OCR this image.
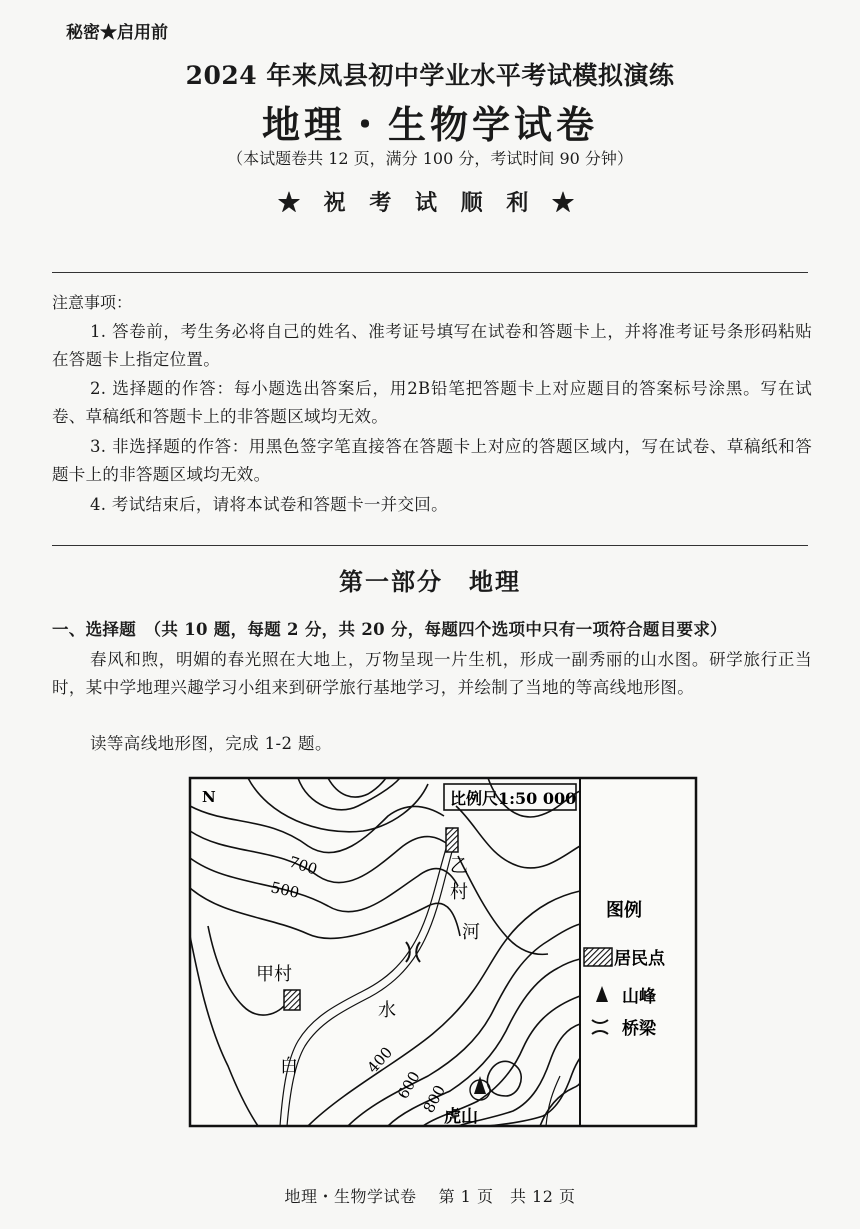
秘密★启用前
2024 年来凤县初中学业水平考试模拟演练
地理・生物学试卷
（本试题卷共 12 页，满分 100 分，考试时间 90 分钟）
★ 祝 考 试 顺 利 ★
注意事项：
1. 答卷前，考生务必将自己的姓名、准考证号填写在试卷和答题卡上，并将准考证号条形码粘贴在答题卡上指定位置。
2. 选择题的作答：每小题选出答案后，用2B铅笔把答题卡上对应题目的答案标号涂黑。写在试卷、草稿纸和答题卡上的非答题区域均无效。
3. 非选择题的作答：用黑色签字笔直接答在答题卡上对应的答题区域内，写在试卷、草稿纸和答题卡上的非答题区域均无效。
4. 考试结束后，请将本试卷和答题卡一并交回。
第一部分　地理
一、选择题　（共 10 题，每题 2 分，共 20 分，每题四个选项中只有一项符合题目要求）
春风和煦，明媚的春光照在大地上，万物呈现一片生机，形成一副秀丽的山水图。研学旅行正当时，某中学地理兴趣学习小组来到研学旅行基地学习，并绘制了当地的等高线地形图。
读等高线地形图，完成 1-2 题。
比例尺1:50 000
N
700
500
400
600
800
甲村
乙
村
河
水
白
虎山
图例
居民点
山峰
桥梁
地理・生物学试卷　 第 1 页　共 12 页
